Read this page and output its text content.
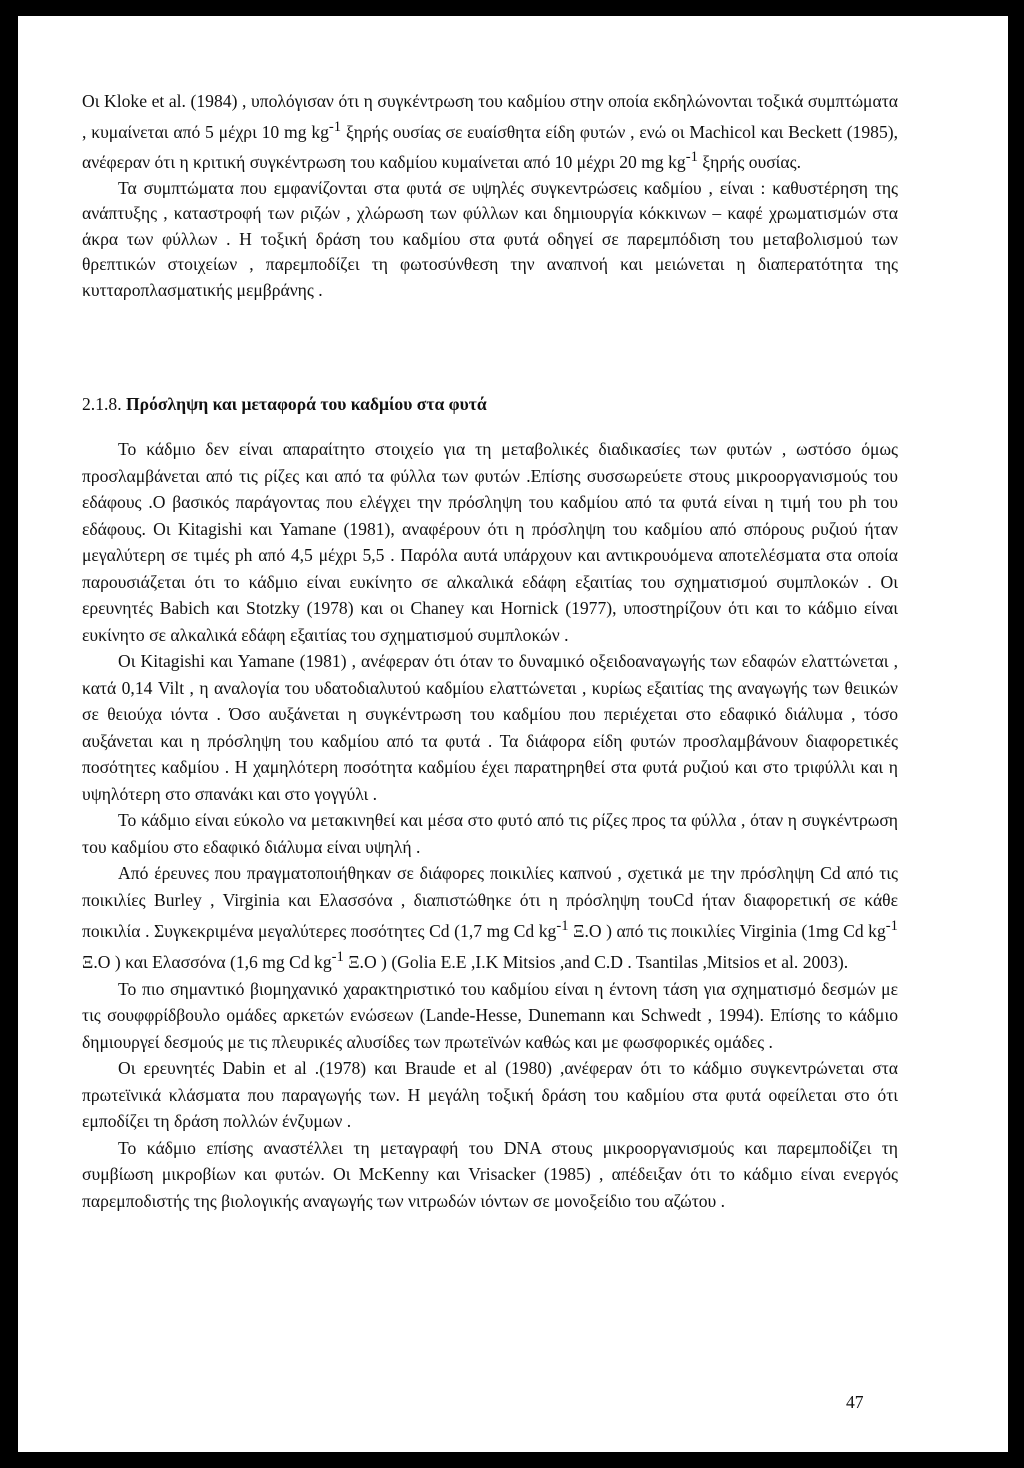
Οι Kloke et al. (1984) , υπολόγισαν ότι η συγκέντρωση του καδμίου στην οποία εκδηλώνονται τοξικά συμπτώματα , κυμαίνεται από 5 μέχρι 10 mg $kg^{-1}$ ξηρής ουσίας σε ευαίσθητα είδη φυτών , ενώ οι Machicol και Beckett (1985), ανέφεραν ότι η κριτική συγκέντρωση του καδμίου κυμαίνεται από 10 μέχρι 20 mg $kg^{-1}$ ξηρής ουσίας.

Τα συμπτώματα που εμφανίζονται στα φυτά σε υψηλές συγκεντρώσεις καδμίου , είναι : καθυστέρηση της ανάπτυξης , καταστροφή των ριζών , χλώρωση των φύλλων και δημιουργία κόκκινων – καφέ χρωματισμών στα άκρα των φύλλων . Η τοξική δράση του καδμίου στα φυτά οδηγεί σε παρεμπόδιση του μεταβολισμού των θρεπτικών στοιχείων , παρεμποδίζει τη φωτοσύνθεση την αναπνοή και μειώνεται η διαπερατότητα της κυτταροπλασματικής μεμβράνης .

2.1.8. Πρόσληψη και μεταφορά του καδμίου στα φυτά

Το κάδμιο δεν είναι απαραίτητο στοιχείο για τη μεταβολικές διαδικασίες των φυτών , ωστόσο όμως προσλαμβάνεται από τις ρίζες και από τα φύλλα των φυτών .Επίσης συσσωρεύετε στους μικροοργανισμούς του εδάφους .Ο βασικός παράγοντας που ελέγχει την πρόσληψη του καδμίου από τα φυτά είναι η τιμή του ph του εδάφους. Οι Kitagishi και Yamane (1981), αναφέρουν ότι η πρόσληψη του καδμίου από σπόρους ρυζιού ήταν μεγαλύτερη σε τιμές ph από 4,5 μέχρι 5,5 . Παρόλα αυτά υπάρχουν και αντικρουόμενα αποτελέσματα στα οποία παρουσιάζεται ότι το κάδμιο είναι ευκίνητο σε αλκαλικά εδάφη εξαιτίας του σχηματισμού συμπλοκών . Οι ερευνητές Babich και Stotzky (1978) και οι Chaney και Hornick (1977), υποστηρίζουν ότι και το κάδμιο είναι ευκίνητο σε αλκαλικά εδάφη εξαιτίας του σχηματισμού συμπλοκών .

Οι Kitagishi και Yamane (1981) , ανέφεραν ότι όταν το δυναμικό οξειδοαναγωγής των εδαφών ελαττώνεται , κατά 0,14 Vilt , η αναλογία του υδατοδιαλυτού καδμίου ελαττώνεται , κυρίως εξαιτίας της αναγωγής των θειικών σε θειούχα ιόντα . Όσο αυξάνεται η συγκέντρωση του καδμίου που περιέχεται στο εδαφικό διάλυμα , τόσο αυξάνεται και η πρόσληψη του καδμίου από τα φυτά . Τα διάφορα είδη φυτών προσλαμβάνουν διαφορετικές ποσότητες καδμίου . Η χαμηλότερη ποσότητα καδμίου έχει παρατηρηθεί στα φυτά ρυζιού και στο τριφύλλι και η υψηλότερη στο σπανάκι και στο γογγύλι .

Το κάδμιο είναι εύκολο να μετακινηθεί και μέσα στο φυτό από τις ρίζες προς τα φύλλα , όταν η συγκέντρωση του καδμίου στο εδαφικό διάλυμα είναι υψηλή .

Από έρευνες που πραγματοποιήθηκαν σε διάφορες ποικιλίες καπνού , σχετικά με την πρόσληψη Cd από τις ποικιλίες Burley , Virginia και Ελασσόνα , διαπιστώθηκε ότι η πρόσληψη τουCd ήταν διαφορετική σε κάθε ποικιλία . Συγκεκριμένα μεγαλύτερες ποσότητες Cd (1,7 mg Cd $kg^{-1}$ Ξ.Ο ) από τις ποικιλίες Virginia (1mg Cd $kg^{-1}$ Ξ.Ο ) και Ελασσόνα (1,6 mg Cd $kg^{-1}$ Ξ.Ο ) (Golia E.E ,I.K Mitsios ,and C.D . Tsantilas ,Mitsios et al. 2003).

Το πιο σημαντικό βιομηχανικό χαρακτηριστικό του καδμίου είναι η έντονη τάση για σχηματισμό δεσμών με τις σουφφρίδβουλο ομάδες αρκετών ενώσεων (Lande-Hesse, Dunemann και Schwedt , 1994). Επίσης το κάδμιο δημιουργεί δεσμούς με τις πλευρικές αλυσίδες των πρωτεϊνών καθώς και με φωσφορικές ομάδες .

Οι ερευνητές Dabin et al .(1978) και Braude et al (1980) ,ανέφεραν ότι το κάδμιο συγκεντρώνεται στα πρωτεϊνικά κλάσματα που παραγωγής των. Η μεγάλη τοξική δράση του καδμίου στα φυτά οφείλεται στο ότι εμποδίζει τη δράση πολλών ένζυμων .

Το κάδμιο επίσης αναστέλλει τη μεταγραφή του DNA στους μικροοργανισμούς και παρεμποδίζει τη συμβίωση μικροβίων και φυτών. Οι McKenny και Vrisacker (1985) , απέδειξαν ότι το κάδμιο είναι ενεργός παρεμποδιστής της βιολογικής αναγωγής των νιτρωδών ιόντων σε μονοξείδιο του αζώτου .

47
